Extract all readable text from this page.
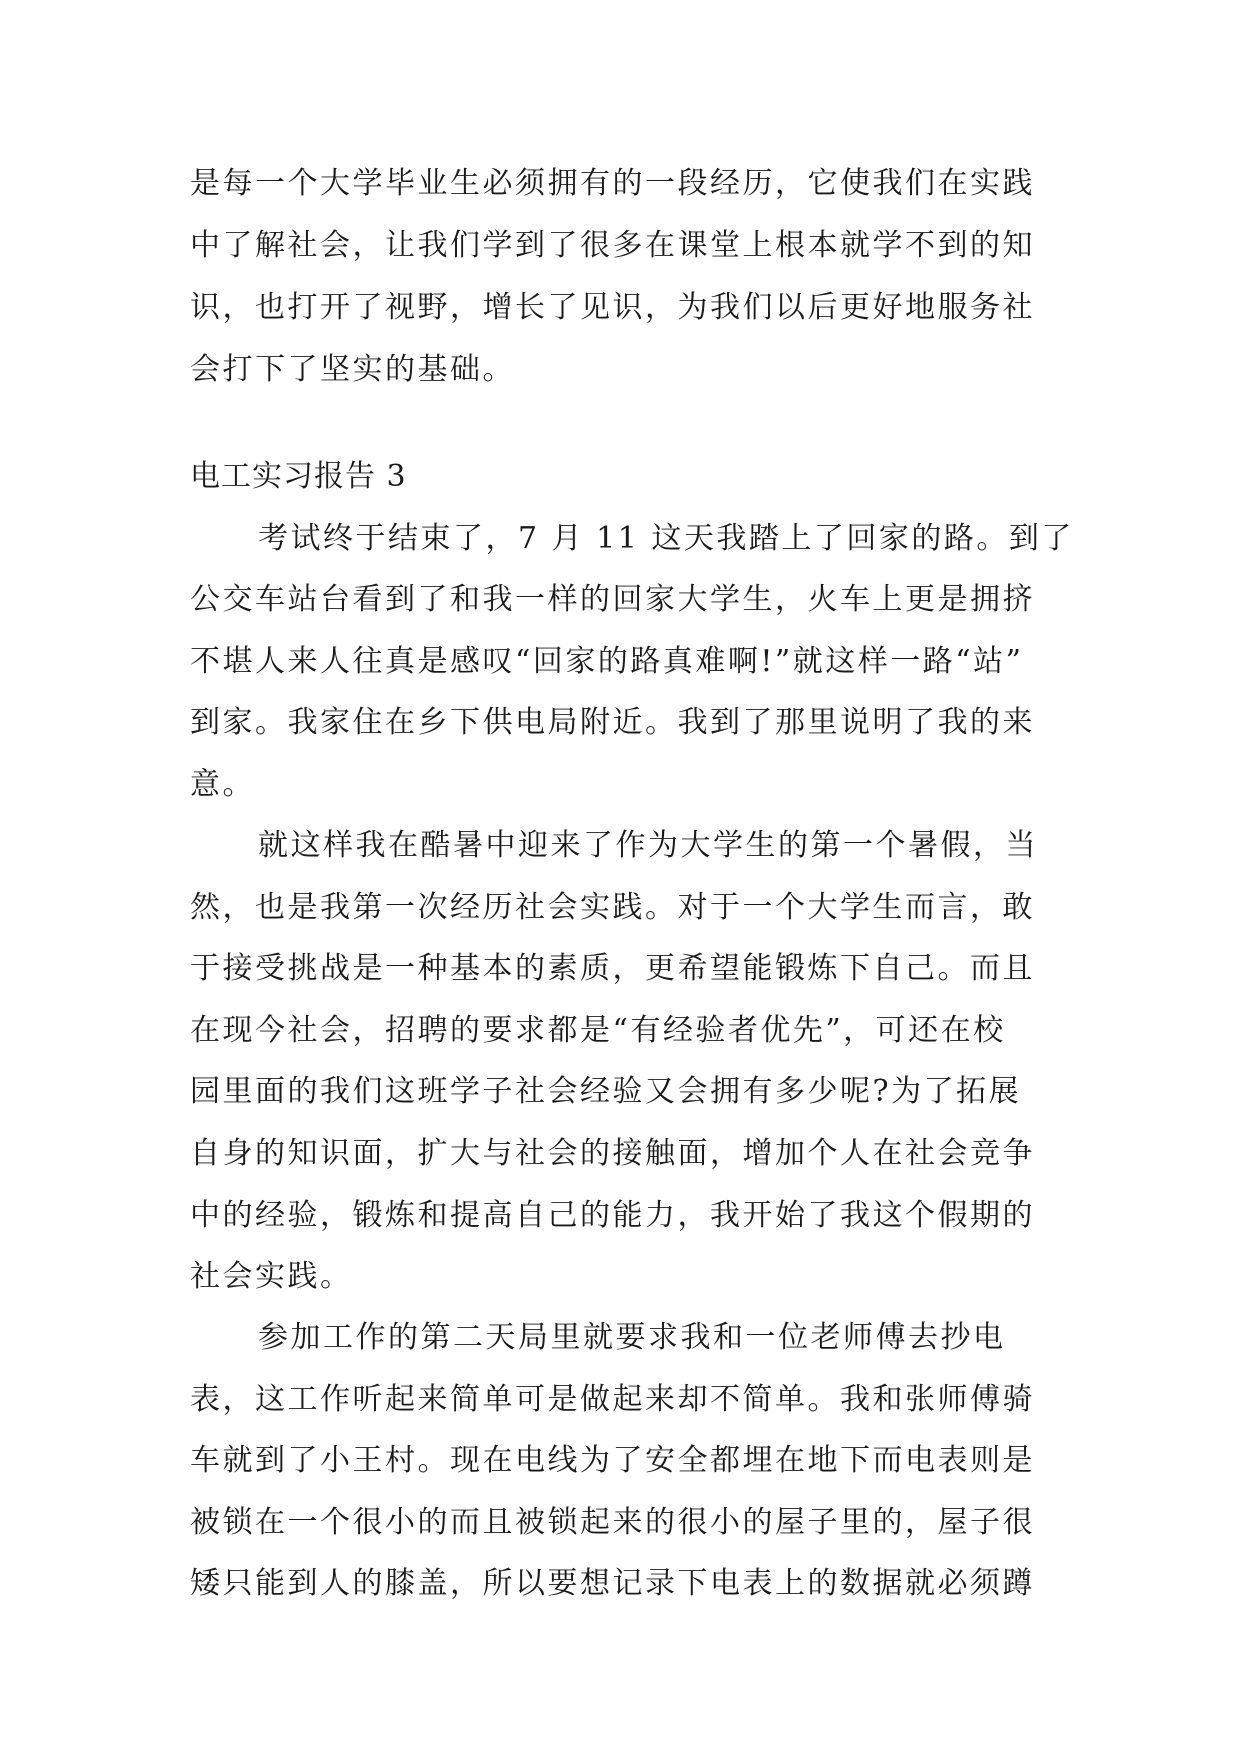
是每一个大学毕业生必须拥有的一段经历，它使我们在实践
中了解社会，让我们学到了很多在课堂上根本就学不到的知
识，也打开了视野，增长了见识，为我们以后更好地服务社
会打下了坚实的基础。
电工实习报告 3
考试终于结束了，7 月 11 这天我踏上了回家的路。到了
公交车站台看到了和我一样的回家大学生，火车上更是拥挤
不堪人来人往真是感叹“回家的路真难啊!”就这样一路“站”
到家。我家住在乡下供电局附近。我到了那里说明了我的来
意。
就这样我在酷暑中迎来了作为大学生的第一个暑假，当
然，也是我第一次经历社会实践。对于一个大学生而言，敢
于接受挑战是一种基本的素质，更希望能锻炼下自己。而且
在现今社会，招聘的要求都是“有经验者优先”，可还在校
园里面的我们这班学子社会经验又会拥有多少呢?为了拓展
自身的知识面，扩大与社会的接触面，增加个人在社会竞争
中的经验，锻炼和提高自己的能力，我开始了我这个假期的
社会实践。
参加工作的第二天局里就要求我和一位老师傅去抄电
表，这工作听起来简单可是做起来却不简单。我和张师傅骑
车就到了小王村。现在电线为了安全都埋在地下而电表则是
被锁在一个很小的而且被锁起来的很小的屋子里的，屋子很
矮只能到人的膝盖，所以要想记录下电表上的数据就必须蹲
